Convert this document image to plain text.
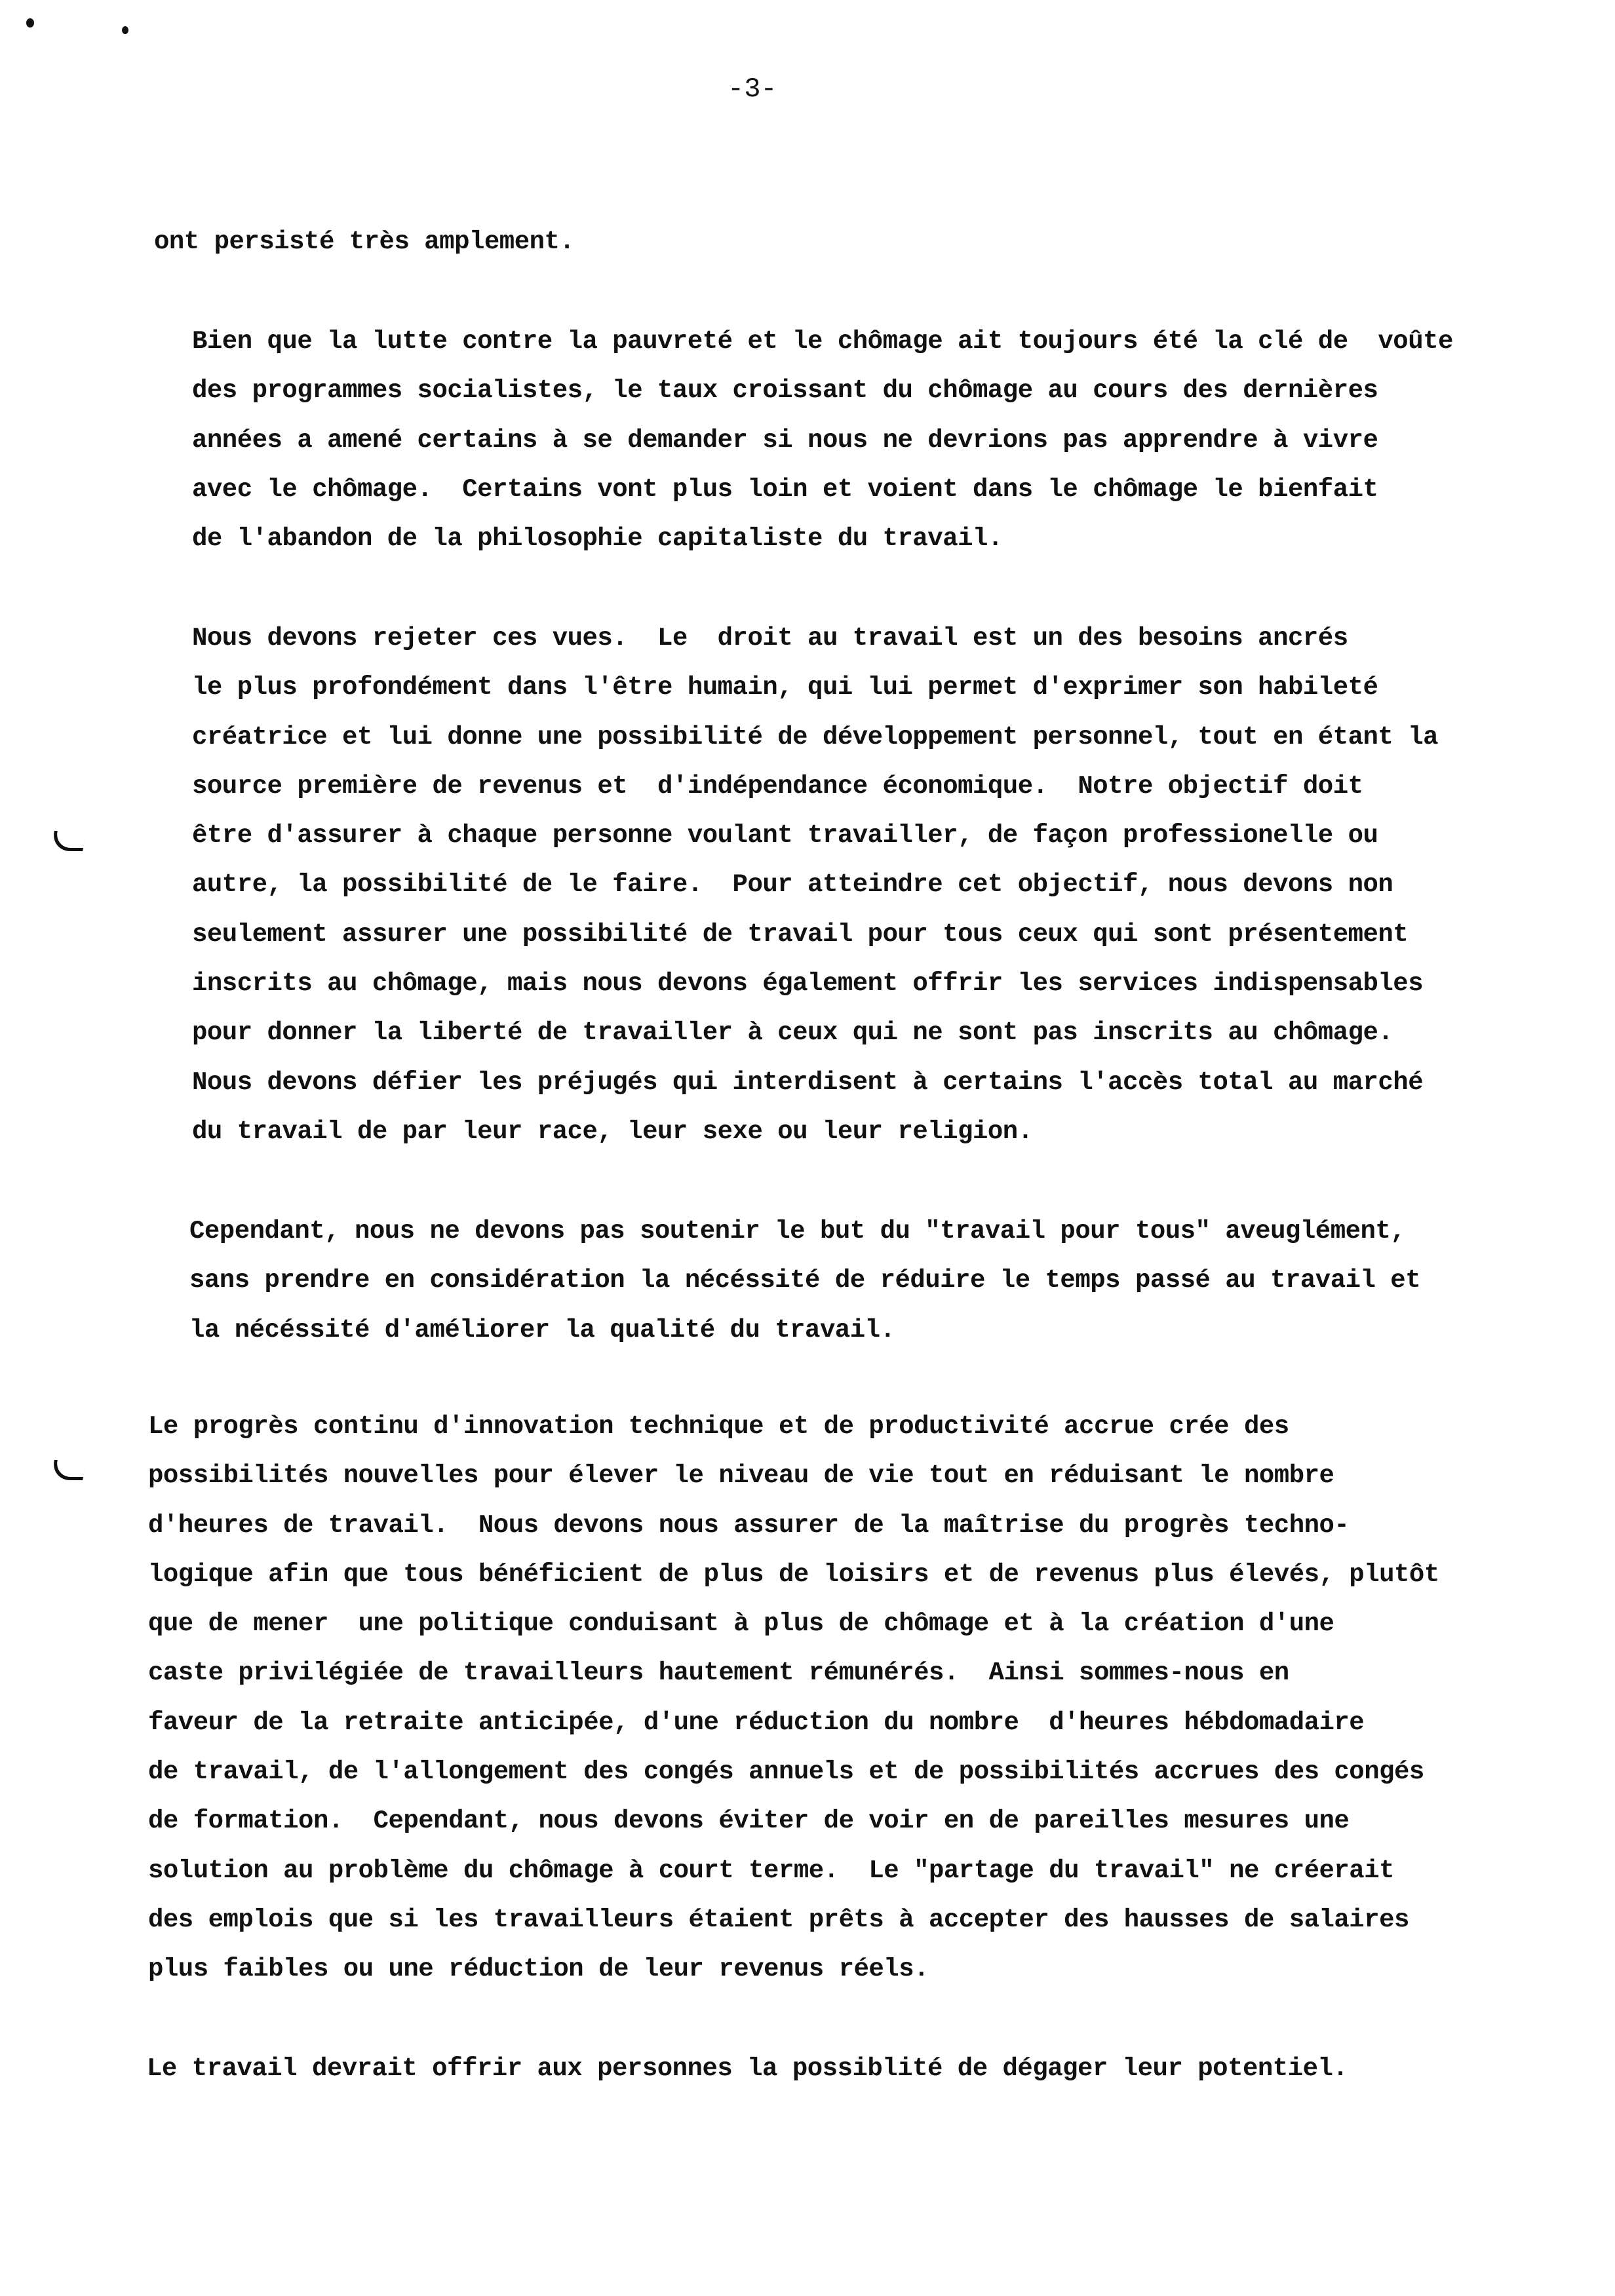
-3-
ont persisté très amplement.
Bien que la lutte contre la pauvreté et le chômage ait toujours été la clé de  voûte
des programmes socialistes, le taux croissant du chômage au cours des dernières
années a amené certains à se demander si nous ne devrions pas apprendre à vivre
avec le chômage.  Certains vont plus loin et voient dans le chômage le bienfait
de l'abandon de la philosophie capitaliste du travail.
Nous devons rejeter ces vues.  Le  droit au travail est un des besoins ancrés
le plus profondément dans l'être humain, qui lui permet d'exprimer son habileté
créatrice et lui donne une possibilité de développement personnel, tout en étant la
source première de revenus et  d'indépendance économique.  Notre objectif doit
être d'assurer à chaque personne voulant travailler, de façon professionelle ou
autre, la possibilité de le faire.  Pour atteindre cet objectif, nous devons non
seulement assurer une possibilité de travail pour tous ceux qui sont présentement
inscrits au chômage, mais nous devons également offrir les services indispensables
pour donner la liberté de travailler à ceux qui ne sont pas inscrits au chômage.
Nous devons défier les préjugés qui interdisent à certains l'accès total au marché
du travail de par leur race, leur sexe ou leur religion.
Cependant, nous ne devons pas soutenir le but du "travail pour tous" aveuglément,
sans prendre en considération la nécéssité de réduire le temps passé au travail et
la nécéssité d'améliorer la qualité du travail.
Le progrès continu d'innovation technique et de productivité accrue crée des
possibilités nouvelles pour élever le niveau de vie tout en réduisant le nombre
d'heures de travail.  Nous devons nous assurer de la maîtrise du progrès techno-
logique afin que tous bénéficient de plus de loisirs et de revenus plus élevés, plutôt
que de mener  une politique conduisant à plus de chômage et à la création d'une
caste privilégiée de travailleurs hautement rémunérés.  Ainsi sommes-nous en
faveur de la retraite anticipée, d'une réduction du nombre  d'heures hébdomadaire
de travail, de l'allongement des congés annuels et de possibilités accrues des congés
de formation.  Cependant, nous devons éviter de voir en de pareilles mesures une
solution au problème du chômage à court terme.  Le "partage du travail" ne créerait
des emplois que si les travailleurs étaient prêts à accepter des hausses de salaires
plus faibles ou une réduction de leur revenus réels.
Le travail devrait offrir aux personnes la possiblité de dégager leur potentiel.
